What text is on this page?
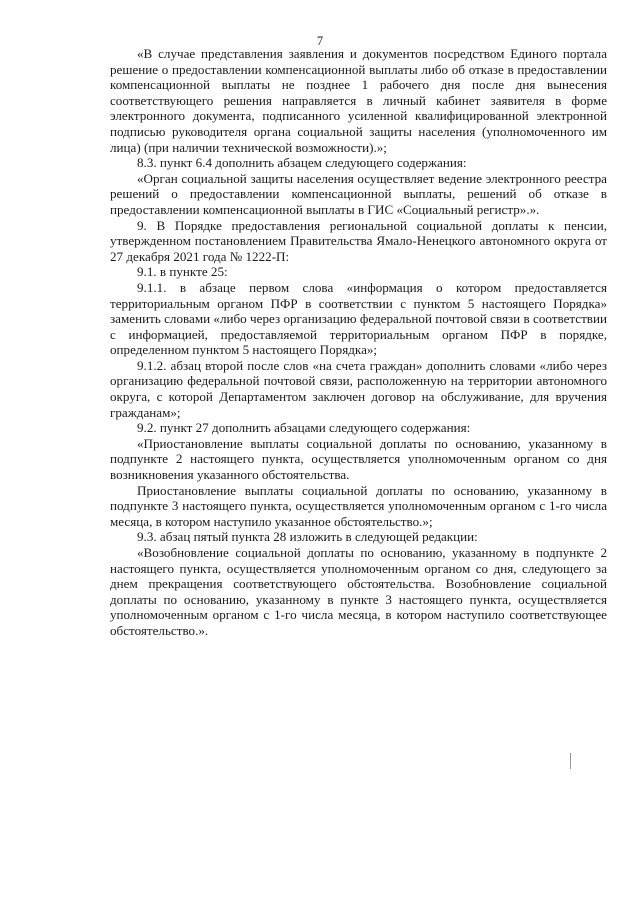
7

«В случае представления заявления и документов посредством Единого портала решение о предоставлении компенсационной выплаты либо об отказе в предоставлении компенсационной выплаты не позднее 1 рабочего дня после дня вынесения соответствующего решения направляется в личный кабинет заявителя в форме электронного документа, подписанного усиленной квалифицированной электронной подписью руководителя органа социальной защиты населения (уполномоченного им лица) (при наличии технической возможности).»;

8.3. пункт 6.4 дополнить абзацем следующего содержания:

«Орган социальной защиты населения осуществляет ведение электронного реестра решений о предоставлении компенсационной выплаты, решений об отказе в предоставлении компенсационной выплаты в ГИС «Социальный регистр».».

9. В Порядке предоставления региональной социальной доплаты к пенсии, утвержденном постановлением Правительства Ямало-Ненецкого автономного округа от 27 декабря 2021 года № 1222-П:

9.1. в пункте 25:

9.1.1. в абзаце первом слова «информация о котором предоставляется территориальным органом ПФР в соответствии с пунктом 5 настоящего Порядка» заменить словами «либо через организацию федеральной почтовой связи в соответствии с информацией, предоставляемой территориальным органом ПФР в порядке, определенном пунктом 5 настоящего Порядка»;

9.1.2. абзац второй после слов «на счета граждан» дополнить словами «либо через организацию федеральной почтовой связи, расположенную на территории автономного округа, с которой Департаментом заключен договор на обслуживание, для вручения гражданам»;

9.2. пункт 27 дополнить абзацами следующего содержания:

«Приостановление выплаты социальной доплаты по основанию, указанному в подпункте 2 настоящего пункта, осуществляется уполномоченным органом со дня возникновения указанного обстоятельства.

Приостановление выплаты социальной доплаты по основанию, указанному в подпункте 3 настоящего пункта, осуществляется уполномоченным органом с 1-го числа месяца, в котором наступило указанное обстоятельство.»;

9.3. абзац пятый пункта 28 изложить в следующей редакции:

«Возобновление социальной доплаты по основанию, указанному в подпункте 2 настоящего пункта, осуществляется уполномоченным органом со дня, следующего за днем прекращения соответствующего обстоятельства. Возобновление социальной доплаты по основанию, указанному в пункте 3 настоящего пункта, осуществляется уполномоченным органом с 1-го числа месяца, в котором наступило соответствующее обстоятельство.».
